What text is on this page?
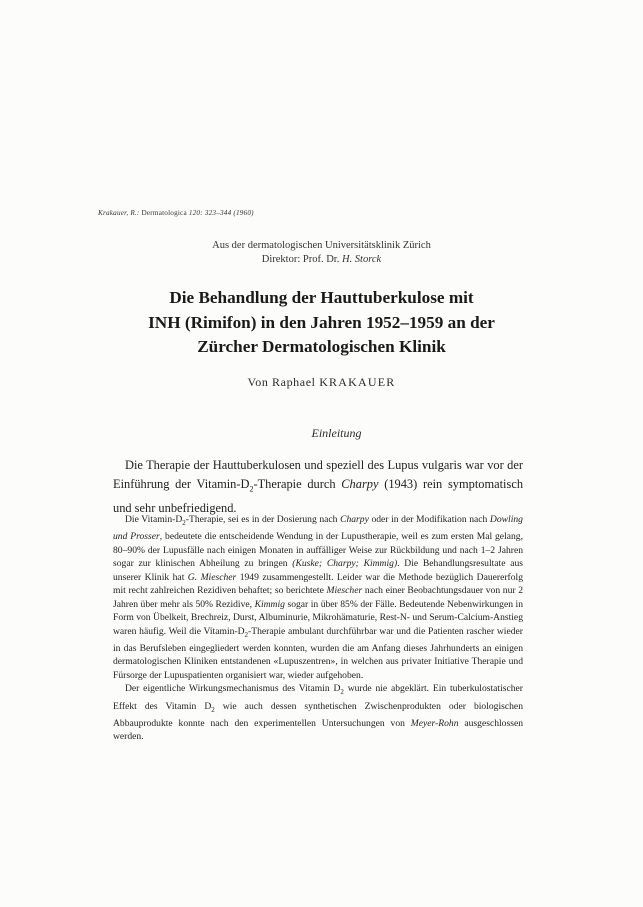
Krakauer, R.: Dermatologica 120: 323–344 (1960)
Aus der dermatologischen Universitätsklinik Zürich
Direktor: Prof. Dr. H. Storck
Die Behandlung der Hauttuberkulose mit
INH (Rimifon) in den Jahren 1952–1959 an der
Zürcher Dermatologischen Klinik
Von Raphael KRAKAUER
Einleitung
Die Therapie der Hauttuberkulosen und speziell des Lupus vulgaris war vor der Einführung der Vitamin-$D_2$-Therapie durch Charpy (1943) rein symptomatisch und sehr unbefriedigend.

Die Vitamin-$D_2$-Therapie, sei es in der Dosierung nach Charpy oder in der Modifikation nach Dowling und Prosser, bedeutete die entscheidende Wendung in der Lupustherapie, weil es zum ersten Mal gelang, 80–90% der Lupusfälle nach einigen Monaten in auffälliger Weise zur Rückbildung und nach 1–2 Jahren sogar zur klinischen Abheilung zu bringen (Kuske; Charpy; Kimmig). Die Behandlungsresultate aus unserer Klinik hat G. Miescher 1949 zusammengestellt. Leider war die Methode bezüglich Dauererfolg mit recht zahlreichen Rezidiven behaftet; so berichtete Miescher nach einer Beobachtungsdauer von nur 2 Jahren über mehr als 50% Rezidive, Kimmig sogar in über 85% der Fälle. Bedeutende Nebenwirkungen in Form von Übelkeit, Brechreiz, Durst, Albuminurie, Mikrohämaturie, Rest-N- und Serum-Calcium-Anstieg waren häufig. Weil die Vitamin-$D_2$-Therapie ambulant durchführbar war und die Patienten rascher wieder in das Berufsleben eingegliedert werden konnten, wurden die am Anfang dieses Jahrhunderts an einigen dermatologischen Kliniken entstandenen «Lupuszentren», in welchen aus privater Initiative Therapie und Fürsorge der Lupuspatienten organisiert war, wieder aufgehoben.

Der eigentliche Wirkungsmechanismus des Vitamin $D_2$ wurde nie abgeklärt. Ein tuberkulostatischer Effekt des Vitamin $D_2$ wie auch dessen synthetischen Zwischenprodukten oder biologischen Abbauprodukte konnte nach den experimentellen Untersuchungen von Meyer-Rohn ausgeschlossen werden.
